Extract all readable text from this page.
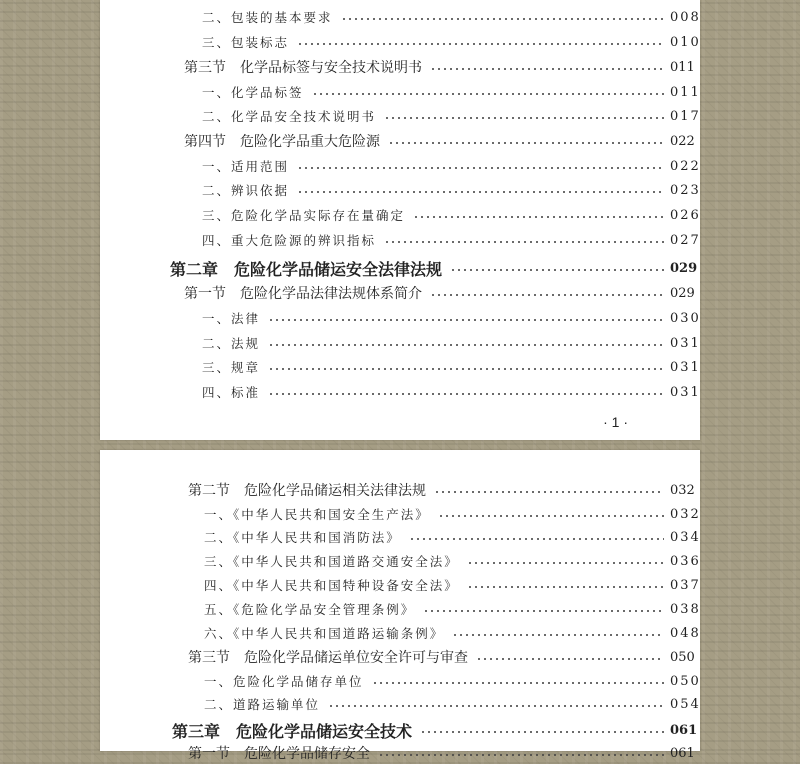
二、包装的基本要求	008
三、包装标志	010
第三节　化学品标签与安全技术说明书	011
一、化学品标签	011
二、化学品安全技术说明书	017
第四节　危险化学品重大危险源	022
一、适用范围	022
二、辨识依据	023
三、危险化学品实际存在量确定	026
四、重大危险源的辨识指标	027
第二章　危险化学品储运安全法律法规	029
第一节　危险化学品法律法规体系简介	029
一、法律	030
二、法规	031
三、规章	031
四、标准	031
· 1 ·
第二节　危险化学品储运相关法律法规	032
一、《中华人民共和国安全生产法》	032
二、《中华人民共和国消防法》	034
三、《中华人民共和国道路交通安全法》	036
四、《中华人民共和国特种设备安全法》	037
五、《危险化学品安全管理条例》	038
六、《中华人民共和国道路运输条例》	048
第三节　危险化学品储运单位安全许可与审查	050
一、危险化学品储存单位	050
二、道路运输单位	054
第三章　危险化学品储运安全技术	061
第一节　危险化学品储存安全	061
